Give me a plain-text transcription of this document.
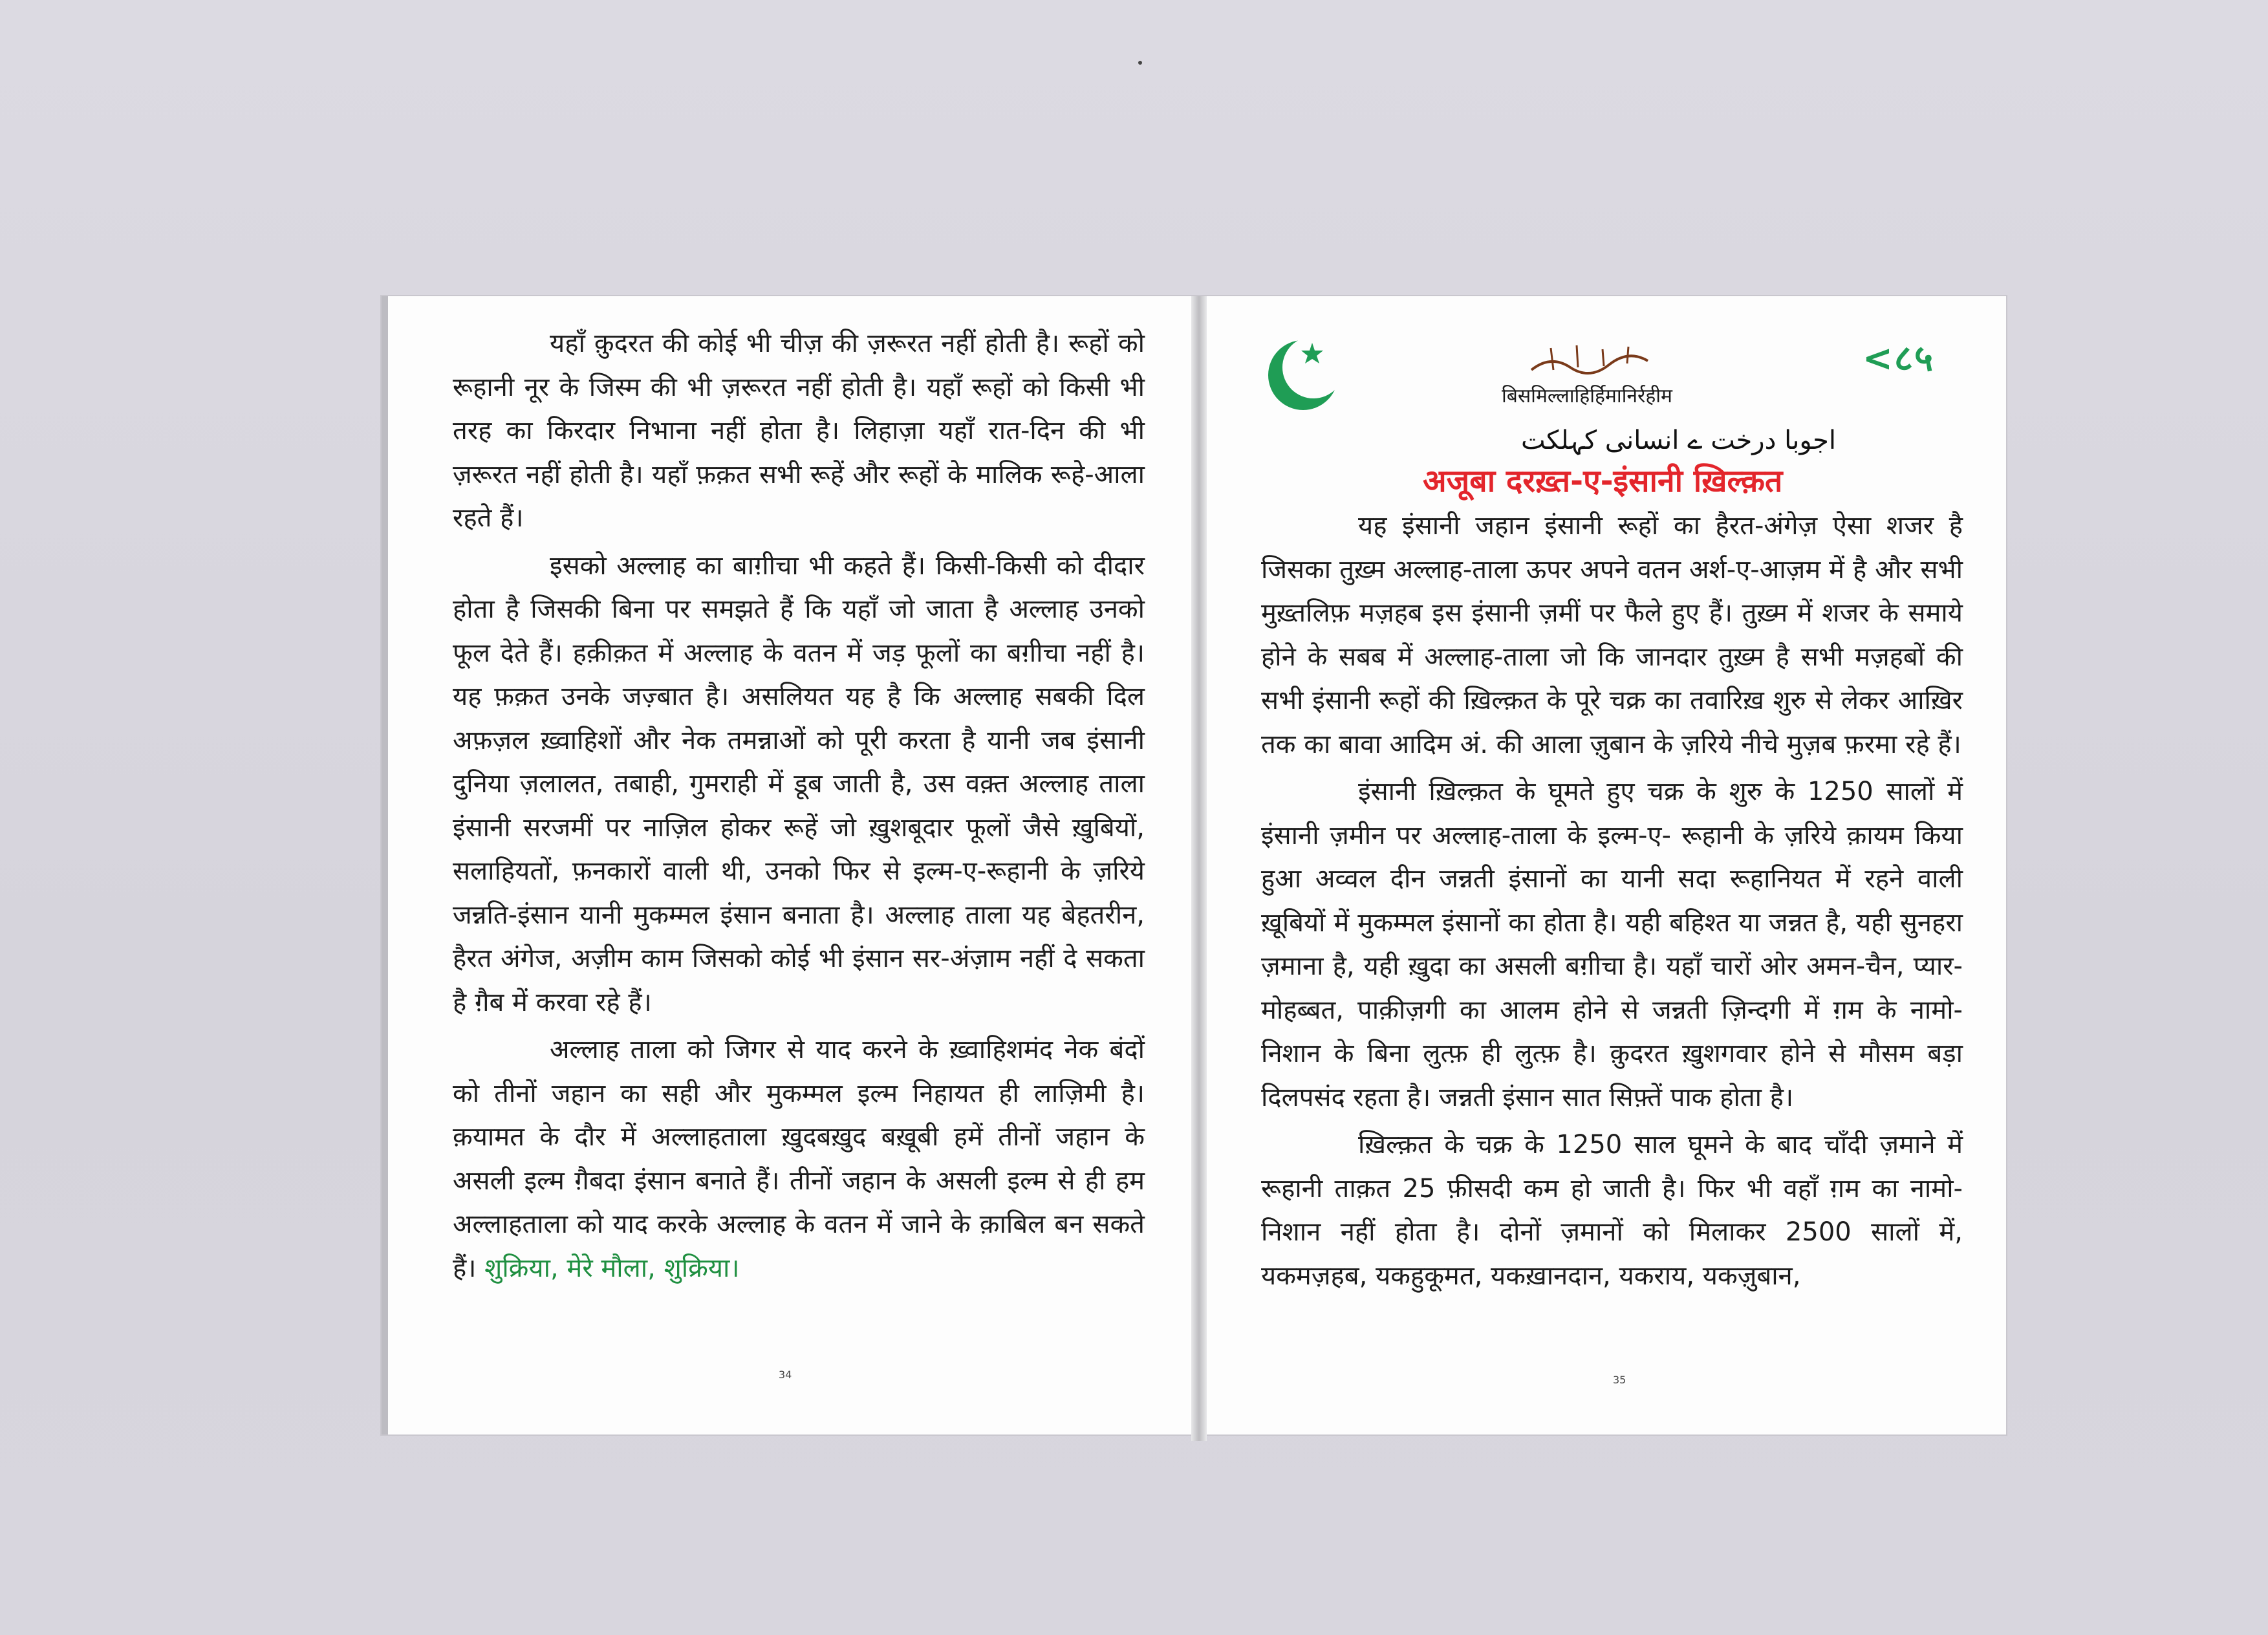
यहाँ क़ुदरत की कोई भी चीज़ की ज़रूरत नहीं होती है। रूहों को रूहानी नूर के जिस्म की भी ज़रूरत नहीं होती है। यहाँ रूहों को किसी भी तरह का किरदार निभाना नहीं होता है। लिहाज़ा यहाँ रात-दिन की भी ज़रूरत नहीं होती है। यहाँ फ़क़त सभी रूहें और रूहों के मालिक रूहे-आला रहते हैं।

इसको अल्लाह का बाग़ीचा भी कहते हैं। किसी-किसी को दीदार होता है जिसकी बिना पर समझते हैं कि यहाँ जो जाता है अल्लाह उनको फूल देते हैं। हक़ीक़त में अल्लाह के वतन में जड़ फूलों का बग़ीचा नहीं है। यह फ़क़त उनके जज़्बात है। असलियत यह है कि अल्लाह सबकी दिल अफ़ज़ल ख़्वाहिशों और नेक तमन्नाओं को पूरी करता है यानी जब इंसानी दुनिया ज़लालत, तबाही, गुमराही में डूब जाती है, उस वक़्त अल्लाह ताला इंसानी सरजमीं पर नाज़िल होकर रूहें जो ख़ुशबूदार फूलों जैसे ख़ुबियों, सलाहियतों, फ़नकारों वाली थी, उनको फिर से इल्म-ए-रूहानी के ज़रिये जन्नति-इंसान यानी मुकम्मल इंसान बनाता है। अल्लाह ताला यह बेहतरीन, हैरत अंगेज, अज़ीम काम जिसको कोई भी इंसान सर-अंज़ाम नहीं दे सकता है ग़ैब में करवा रहे हैं।

अल्लाह ताला को जिगर से याद करने के ख़्वाहिशमंद नेक बंदों को तीनों जहान का सही और मुकम्मल इल्म निहायत ही लाज़िमी है। क़यामत के दौर में अल्लाहताला ख़ुदबख़ुद बख़ूबी हमें तीनों जहान के असली इल्म ग़ैबदा इंसान बनाते हैं। तीनों जहान के असली इल्म से ही हम अल्लाहताला को याद करके अल्लाह के वतन में जाने के क़ाबिल बन सकते हैं। शुक्रिया, मेरे मौला, शुक्रिया।

34
बिसमिल्लाहिर्हिमानिर्रहीम
<८५
اجوبا درخت ے انسانی کہلکت
अजूबा दरख़्त-ए-इंसानी ख़िल्क़त

यह इंसानी जहान इंसानी रूहों का हैरत-अंगेज़ ऐसा शजर है जिसका तुख़्म अल्लाह-ताला ऊपर अपने वतन अर्श-ए-आज़म में है और सभी मुख़्तलिफ़ मज़हब इस इंसानी ज़मीं पर फैले हुए हैं। तुख़्म में शजर के समाये होने के सबब में अल्लाह-ताला जो कि जानदार तुख़्म है सभी मज़हबों की सभी इंसानी रूहों की ख़िल्क़त के पूरे चक्र का तवारिख़ शुरु से लेकर आख़िर तक का बावा आदिम अं. की आला ज़ुबान के ज़रिये नीचे मुज़ब फ़रमा रहे हैं।

इंसानी ख़िल्क़त के घूमते हुए चक्र के शुरु के 1250 सालों में इंसानी ज़मीन पर अल्लाह-ताला के इल्म-ए- रूहानी के ज़रिये क़ायम किया हुआ अव्वल दीन जन्नती इंसानों का यानी सदा रूहानियत में रहने वाली ख़ूबियों में मुकम्मल इंसानों का होता है। यही बहिश्त या जन्नत है, यही सुनहरा ज़माना है, यही ख़ुदा का असली बग़ीचा है। यहाँ चारों ओर अमन-चैन, प्यार-मोहब्बत, पाक़ीज़गी का आलम होने से जन्नती ज़िन्दगी में ग़म के नामो-निशान के बिना लुत्फ़ ही लुत्फ़ है। क़ुदरत ख़ुशगवार होने से मौसम बड़ा दिलपसंद रहता है। जन्नती इंसान सात सिफ़्तें पाक होता है।

ख़िल्क़त के चक्र के 1250 साल घूमने के बाद चाँदी ज़माने में रूहानी ताक़त 25 फ़ीसदी कम हो जाती है। फिर भी वहाँ ग़म का नामो-निशान नहीं होता है। दोनों ज़मानों को मिलाकर 2500 सालों में, यकमज़हब, यकहुकूमत, यकख़ानदान, यकराय, यकज़ुबान,

35
